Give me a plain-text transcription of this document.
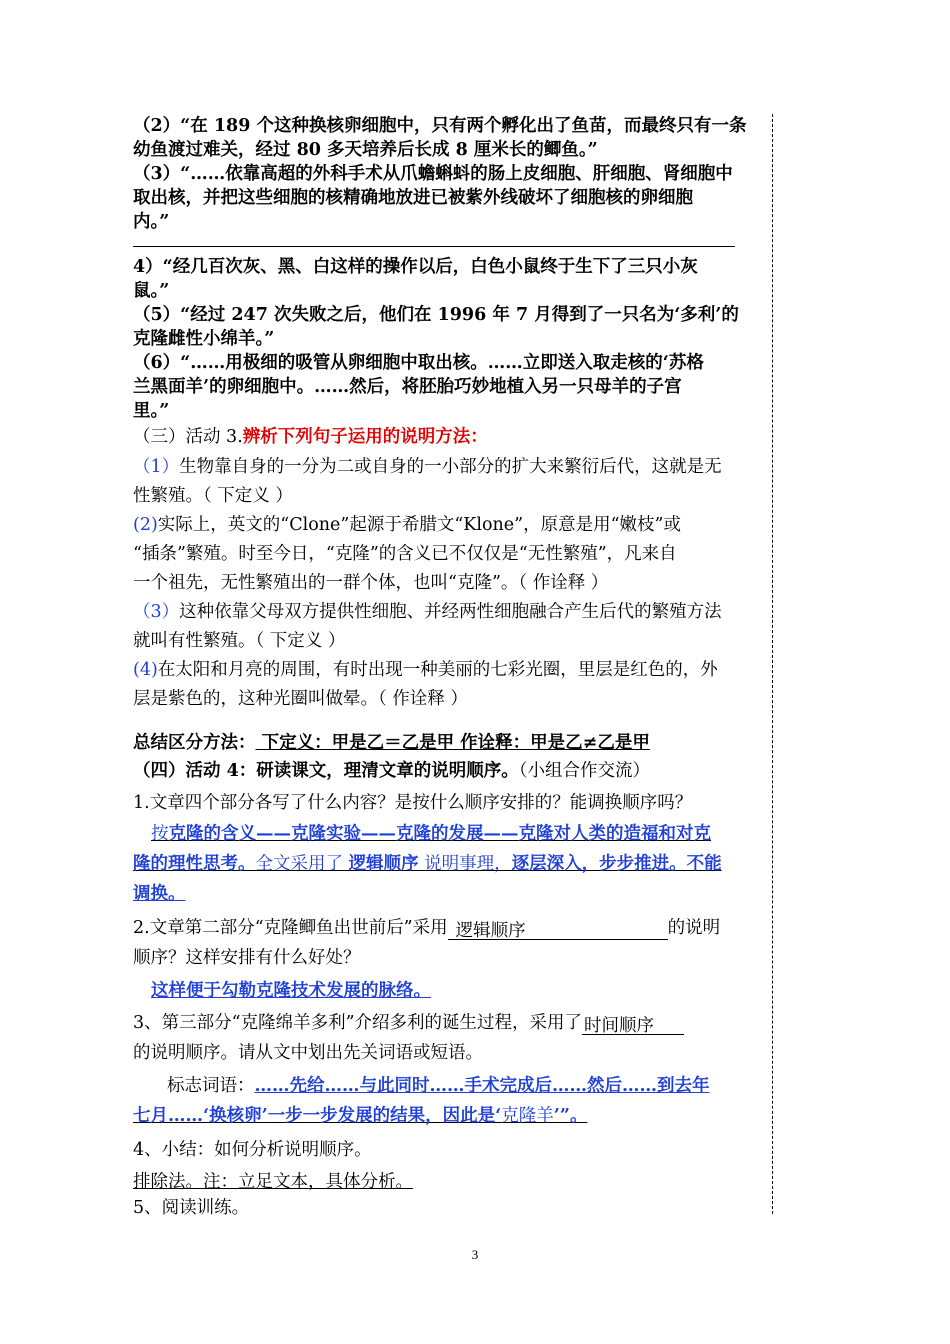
（2）“在 189 个这种换核卵细胞中，只有两个孵化出了鱼苗，而最终只有一条
幼鱼渡过难关，经过 80 多天培养后长成 8 厘米长的鲫鱼。”
（3）“……依靠高超的外科手术从爪蟾蝌蚪的肠上皮细胞、肝细胞、肾细胞中
取出核，并把这些细胞的核精确地放进已被紫外线破坏了细胞核的卵细胞
内。”
4）“经几百次灰、黑、白这样的操作以后，白色小鼠终于生下了三只小灰
鼠。”
（5）“经过 247 次失败之后，他们在 1996 年 7 月得到了一只名为‘多利’的
克隆雌性小绵羊。”
（6）“……用极细的吸管从卵细胞中取出核。……立即送入取走核的‘苏格
兰黑面羊’的卵细胞中。……然后，将胚胎巧妙地植入另一只母羊的子宫
里。”
（三）活动 3.辨析下列句子运用的说明方法：
（1）生物靠自身的一分为二或自身的一小部分的扩大来繁衍后代，这就是无
性繁殖。（ 下定义 ）
(2)实际上，英文的“Clone”起源于希腊文“Klone”，原意是用“嫩枝”或
“插条”繁殖。时至今日，“克隆”的含义已不仅仅是“无性繁殖”，凡来自
一个祖先，无性繁殖出的一群个体，也叫“克隆”。（ 作诠释 ）
（3）这种依靠父母双方提供性细胞、并经两性细胞融合产生后代的繁殖方法
就叫有性繁殖。（ 下定义 ）
(4)在太阳和月亮的周围，有时出现一种美丽的七彩光圈，里层是红色的，外
层是紫色的，这种光圈叫做晕。（ 作诠释 ）
总结区分方法： 下定义：甲是乙＝乙是甲 作诠释：甲是乙≠乙是甲
（四）活动 4：研读课文，理清文章的说明顺序。（小组合作交流）
1.文章四个部分各写了什么内容？是按什么顺序安排的？能调换顺序吗？
按克隆的含义——克隆实验——克隆的发展——克隆对人类的造福和对克
隆的理性思考。全文采用了 逻辑顺序 说明事理，逐层深入，步步推进。不能
调换。
2.文章第二部分“克隆鲫鱼出世前后”采用 逻辑顺序	的说明
顺序？这样安排有什么好处？
这样便于勾勒克隆技术发展的脉络。
3、第三部分“克隆绵羊多利”介绍多利的诞生过程，采用了 时间顺序
的说明顺序。请从文中划出先关词语或短语。
标志词语：……先给……与此同时……手术完成后……然后……到去年
七月……‘换核卵’一步一步发展的结果，因此是‘克隆羊’”。
4、小结：如何分析说明顺序。
排除法。注：立足文本，具体分析。
5、阅读训练。
3
